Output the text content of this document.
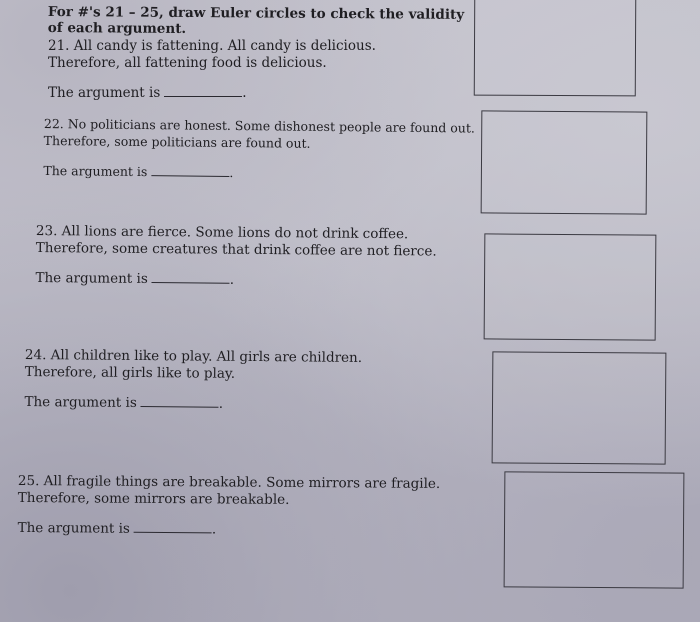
For #'s 21 – 25, draw Euler circles to check the validity of each argument.

21. All candy is fattening. All candy is delicious.
Therefore, all fattening food is delicious.
The argument is	.
22. No politicians are honest. Some dishonest people are found out.
Therefore, some politicians are found out.
The argument is	.
23. All lions are fierce. Some lions do not drink coffee.
Therefore, some creatures that drink coffee are not fierce.
The argument is	.
24. All children like to play. All girls are children.
Therefore, all girls like to play.
The argument is	.
25. All fragile things are breakable. Some mirrors are fragile.
Therefore, some mirrors are breakable.
The argument is	.
